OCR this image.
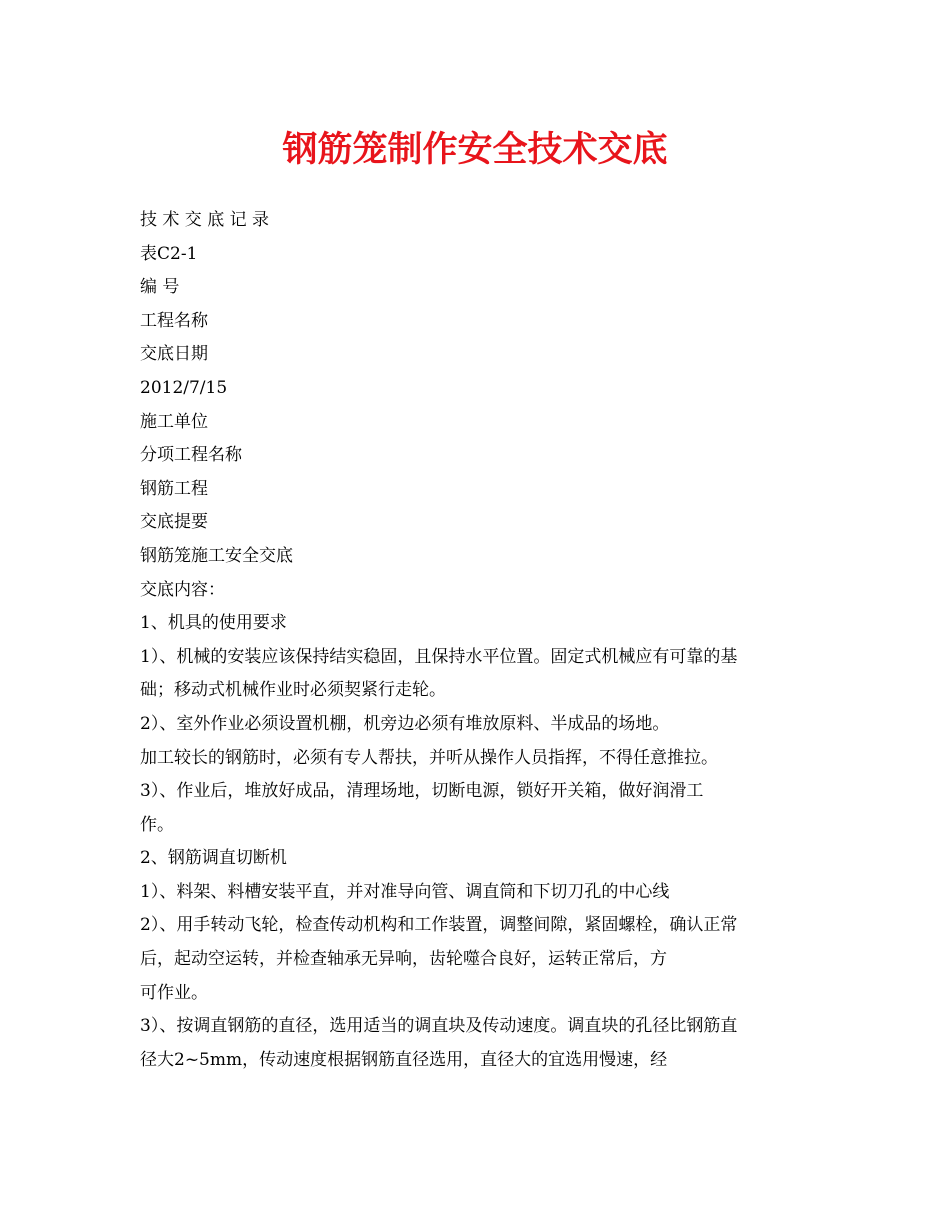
钢筋笼制作安全技术交底

技 术 交 底 记 录

表C2-1

编 号

工程名称

交底日期

2012/7/15

施工单位

分项工程名称

钢筋工程

交底提要

钢筋笼施工安全交底

交底内容：

1、机具的使用要求

1）、机械的安装应该保持结实稳固，且保持水平位置。固定式机械应有可靠的基

础；移动式机械作业时必须契紧行走轮。

2）、室外作业必须设置机棚，机旁边必须有堆放原料、半成品的场地。

加工较长的钢筋时，必须有专人帮扶，并听从操作人员指挥，不得任意推拉。

3）、作业后，堆放好成品，清理场地，切断电源，锁好开关箱，做好润滑工

作。

2、钢筋调直切断机

1）、料架、料槽安装平直，并对准导向管、调直筒和下切刀孔的中心线

2）、用手转动飞轮，检查传动机构和工作装置，调整间隙，紧固螺栓，确认正常

后，起动空运转，并检查轴承无异响，齿轮噬合良好，运转正常后，方

可作业。

3）、按调直钢筋的直径，选用适当的调直块及传动速度。调直块的孔径比钢筋直

径大2~5mm，传动速度根据钢筋直径选用，直径大的宜选用慢速，经
